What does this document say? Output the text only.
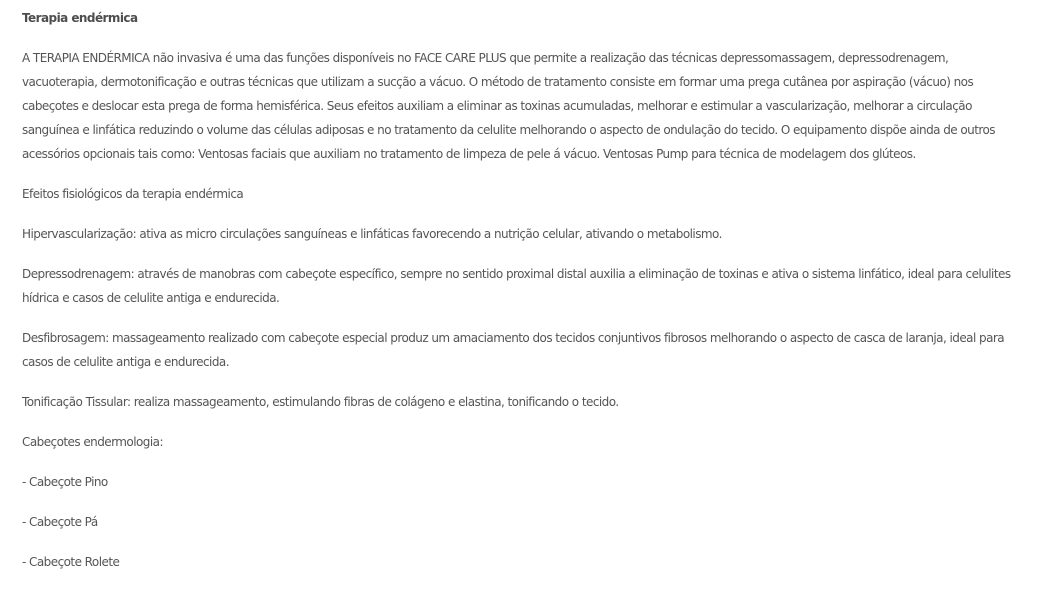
Terapia endérmica

A TERAPIA ENDÉRMICA não invasiva é uma das funções disponíveis no FACE CARE PLUS que permite a realização das técnicas depressomassagem, depressodrenagem, vacuoterapia, dermotonificação e outras técnicas que utilizam a sucção a vácuo. O método de tratamento consiste em formar uma prega cutânea por aspiração (vácuo) nos cabeçotes e deslocar esta prega de forma hemisférica. Seus efeitos auxiliam a eliminar as toxinas acumuladas, melhorar e estimular a vascularização, melhorar a circulação sanguínea e linfática reduzindo o volume das células adiposas e no tratamento da celulite melhorando o aspecto de ondulação do tecido. O equipamento dispõe ainda de outros acessórios opcionais tais como: Ventosas faciais que auxiliam no tratamento de limpeza de pele á vácuo. Ventosas Pump para técnica de modelagem dos glúteos.

Efeitos fisiológicos da terapia endérmica

Hipervascularização: ativa as micro circulações sanguíneas e linfáticas favorecendo a nutrição celular, ativando o metabolismo.

Depressodrenagem: através de manobras com cabeçote específico, sempre no sentido proximal distal auxilia a eliminação de toxinas e ativa o sistema linfático, ideal para celulites hídrica e casos de celulite antiga e endurecida.

Desfibrosagem: massageamento realizado com cabeçote especial produz um amaciamento dos tecidos conjuntivos fibrosos melhorando o aspecto de casca de laranja, ideal para casos de celulite antiga e endurecida.

Tonificação Tissular: realiza massageamento, estimulando fibras de colágeno e elastina, tonificando o tecido.

Cabeçotes endermologia:

- Cabeçote Pino

- Cabeçote Pá

- Cabeçote Rolete
